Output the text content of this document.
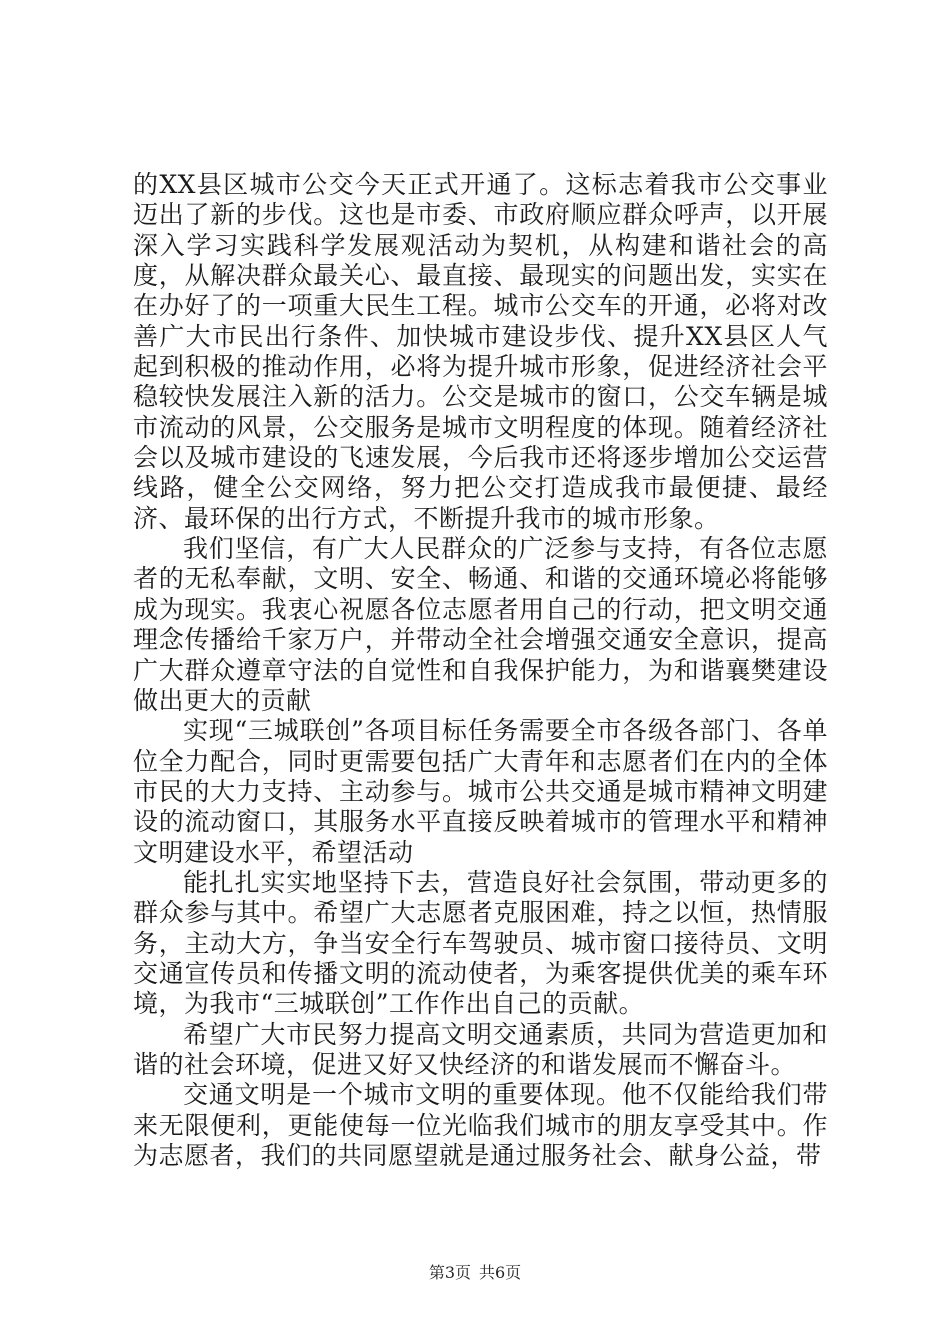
的XX县区城市公交今天正式开通了。这标志着我市公交事业迈出了新的步伐。这也是市委、市政府顺应群众呼声，以开展深入学习实践科学发展观活动为契机，从构建和谐社会的高度，从解决群众最关心、最直接、最现实的问题出发，实实在在办好了的一项重大民生工程。城市公交车的开通，必将对改善广大市民出行条件、加快城市建设步伐、提升XX县区人气起到积极的推动作用，必将为提升城市形象，促进经济社会平稳较快发展注入新的活力。公交是城市的窗口，公交车辆是城市流动的风景，公交服务是城市文明程度的体现。随着经济社会以及城市建设的飞速发展，今后我市还将逐步增加公交运营线路，健全公交网络，努力把公交打造成我市最便捷、最经济、最环保的出行方式，不断提升我市的城市形象。

我们坚信，有广大人民群众的广泛参与支持，有各位志愿者的无私奉献，文明、安全、畅通、和谐的交通环境必将能够成为现实。我衷心祝愿各位志愿者用自己的行动，把文明交通理念传播给千家万户，并带动全社会增强交通安全意识，提高广大群众遵章守法的自觉性和自我保护能力，为和谐襄樊建设做出更大的贡献

实现“三城联创”各项目标任务需要全市各级各部门、各单位全力配合，同时更需要包括广大青年和志愿者们在内的全体市民的大力支持、主动参与。城市公共交通是城市精神文明建设的流动窗口，其服务水平直接反映着城市的管理水平和精神文明建设水平，希望活动

能扎扎实实地坚持下去，营造良好社会氛围，带动更多的群众参与其中。希望广大志愿者克服困难，持之以恒，热情服务，主动大方，争当安全行车驾驶员、城市窗口接待员、文明交通宣传员和传播文明的流动使者，为乘客提供优美的乘车环境，为我市“三城联创”工作作出自己的贡献。

希望广大市民努力提高文明交通素质，共同为营造更加和谐的社会环境，促进又好又快经济的和谐发展而不懈奋斗。

交通文明是一个城市文明的重要体现。他不仅能给我们带来无限便利，更能使每一位光临我们城市的朋友享受其中。作为志愿者，我们的共同愿望就是通过服务社会、献身公益，带

第3页 共6页
